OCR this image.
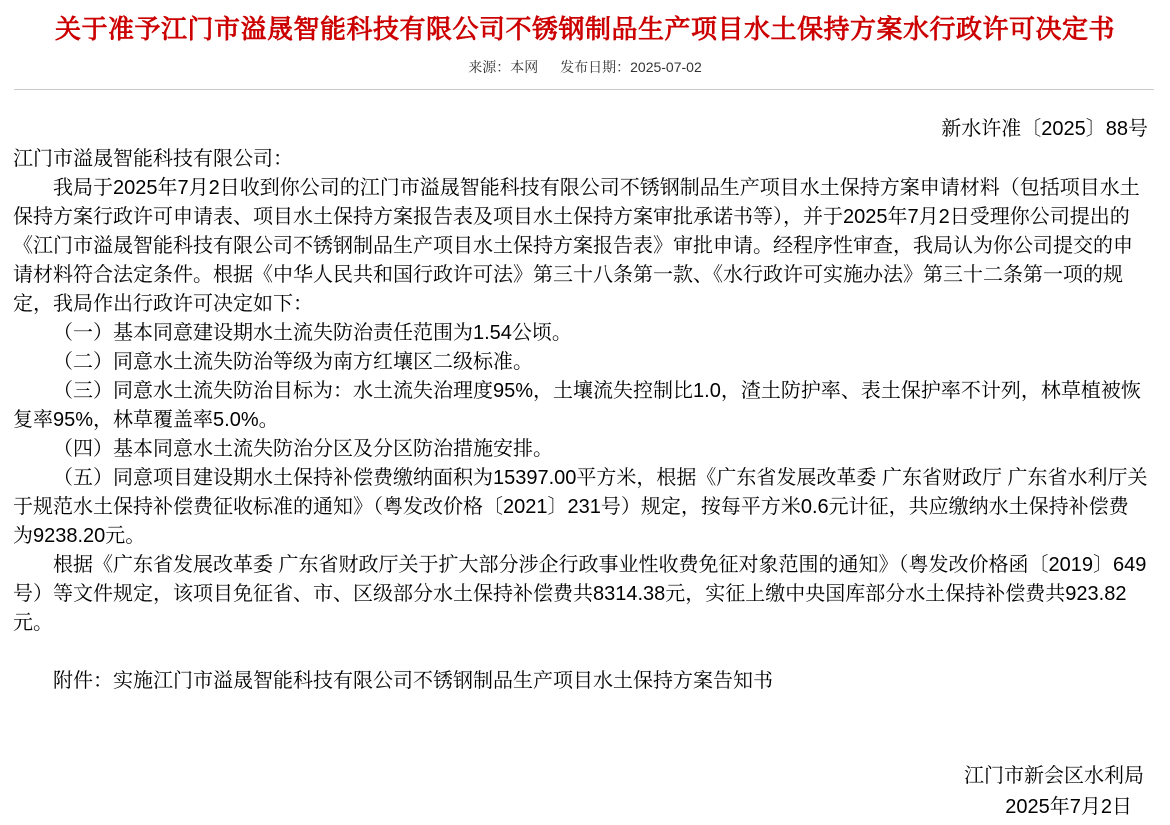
关于准予江门市溢晟智能科技有限公司不锈钢制品生产项目水土保持方案水行政许可决定书
来源：本网 发布日期：2025-07-02
新水许准〔2025〕88号
江门市溢晟智能科技有限公司：

我局于2025年7月2日收到你公司的江门市溢晟智能科技有限公司不锈钢制品生产项目水土保持方案申请材料（包括项目水土保持方案行政许可申请表、项目水土保持方案报告表及项目水土保持方案审批承诺书等），并于2025年7月2日受理你公司提出的《江门市溢晟智能科技有限公司不锈钢制品生产项目水土保持方案报告表》审批申请。经程序性审查，我局认为你公司提交的申请材料符合法定条件。根据《中华人民共和国行政许可法》第三十八条第一款、《水行政许可实施办法》第三十二条第一项的规定，我局作出行政许可决定如下：

（一）基本同意建设期水土流失防治责任范围为1.54公顷。

（二）同意水土流失防治等级为南方红壤区二级标准。

（三）同意水土流失防治目标为：水土流失治理度95%，土壤流失控制比1.0，渣土防护率、表土保护率不计列，林草植被恢复率95%，林草覆盖率5.0%。

（四）基本同意水土流失防治分区及分区防治措施安排。

（五）同意项目建设期水土保持补偿费缴纳面积为15397.00平方米，根据《广东省发展改革委 广东省财政厅 广东省水利厅关于规范水土保持补偿费征收标准的通知》（粤发改价格〔2021〕231号）规定，按每平方米0.6元计征，共应缴纳水土保持补偿费为9238.20元。

根据《广东省发展改革委 广东省财政厅关于扩大部分涉企行政事业性收费免征对象范围的通知》（粤发改价格函〔2019〕649号）等文件规定，该项目免征省、市、区级部分水土保持补偿费共8314.38元，实征上缴中央国库部分水土保持补偿费共923.82元。

附件：实施江门市溢晟智能科技有限公司不锈钢制品生产项目水土保持方案告知书
江门市新会区水利局
2025年7月2日
